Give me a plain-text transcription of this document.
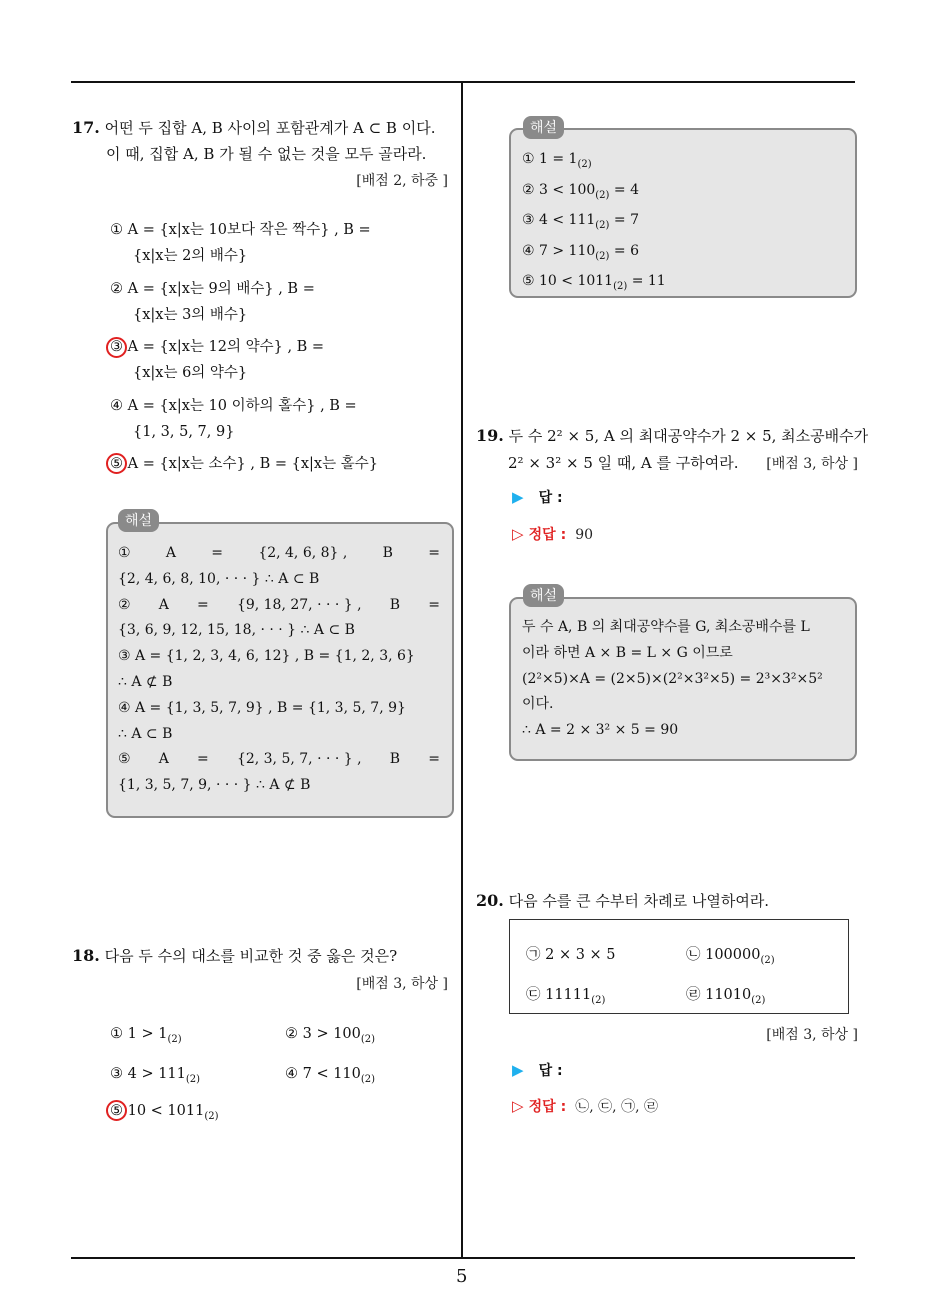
17. 어떤 두 집합 A, B 사이의 포함관계가 A ⊂ B 이다.
이 때, 집합 A, B 가 될 수 없는 것을 모두 골라라.
[배점 2, 하중 ]
① A = {x|x는 10보다 작은 짝수} , B =
{x|x는 2의 배수}
② A = {x|x는 9의 배수} , B =
{x|x는 3의 배수}
③ A = {x|x는 12의 약수} , B =
{x|x는 6의 약수}
④ A = {x|x는 10 이하의 홀수} , B =
{1, 3, 5, 7, 9}
⑤ A = {x|x는 소수} , B = {x|x는 홀수}
해설
①	A	=	{2, 4, 6, 8} ,	B	=
{2, 4, 6, 8, 10, · · · } ∴ A ⊂ B
② A = {9, 18, 27, · · · } , B =
{3, 6, 9, 12, 15, 18, · · · } ∴ A ⊂ B
③ A = {1, 2, 3, 4, 6, 12} , B = {1, 2, 3, 6}
∴ A ⊄ B
④ A = {1, 3, 5, 7, 9} , B = {1, 3, 5, 7, 9}
∴ A ⊂ B
⑤ A = {2, 3, 5, 7, · · · } , B =
{1, 3, 5, 7, 9, · · · } ∴ A ⊄ B
18. 다음 두 수의 대소를 비교한 것 중 옳은 것은?
[배점 3, 하상 ]
① $1 > 1_{(2)}$	② $3 > 100_{(2)}$
③ $4 > 111_{(2)}$	④ $7 < 110_{(2)}$
⑤ $10 < 1011_{(2)}$
해설
① $1 = 1_{(2)}$
② $3 < 100_{(2)} = 4$
③ $4 < 111_{(2)} = 7$
④ $7 > 110_{(2)} = 6$
⑤ $10 < 1011_{(2)} = 11$
19. 두 수 2² × 5, A 의 최대공약수가 2 × 5, 최소공배수가
2² × 3² × 5 일 때, A 를 구하여라. [배점 3, 하상 ]
▶ 답 :
▷ 정답 : 90
해설
두 수 A, B 의 최대공약수를 G, 최소공배수를 L
이라 하면 A × B = L × G 이므로
(2²×5)×A = (2×5)×(2²×3²×5) = 2³×3²×5²
이다.
∴ A = 2 × 3² × 5 = 90
20. 다음 수를 큰 수부터 차례로 나열하여라.
㉠ 2 × 3 × 5	㉡ $100000_{(2)}$
㉢ $11111_{(2)}$	㉣ $11010_{(2)}$
[배점 3, 하상 ]
▶ 답 :
▷ 정답 : ㉡, ㉢, ㉠, ㉣
5
